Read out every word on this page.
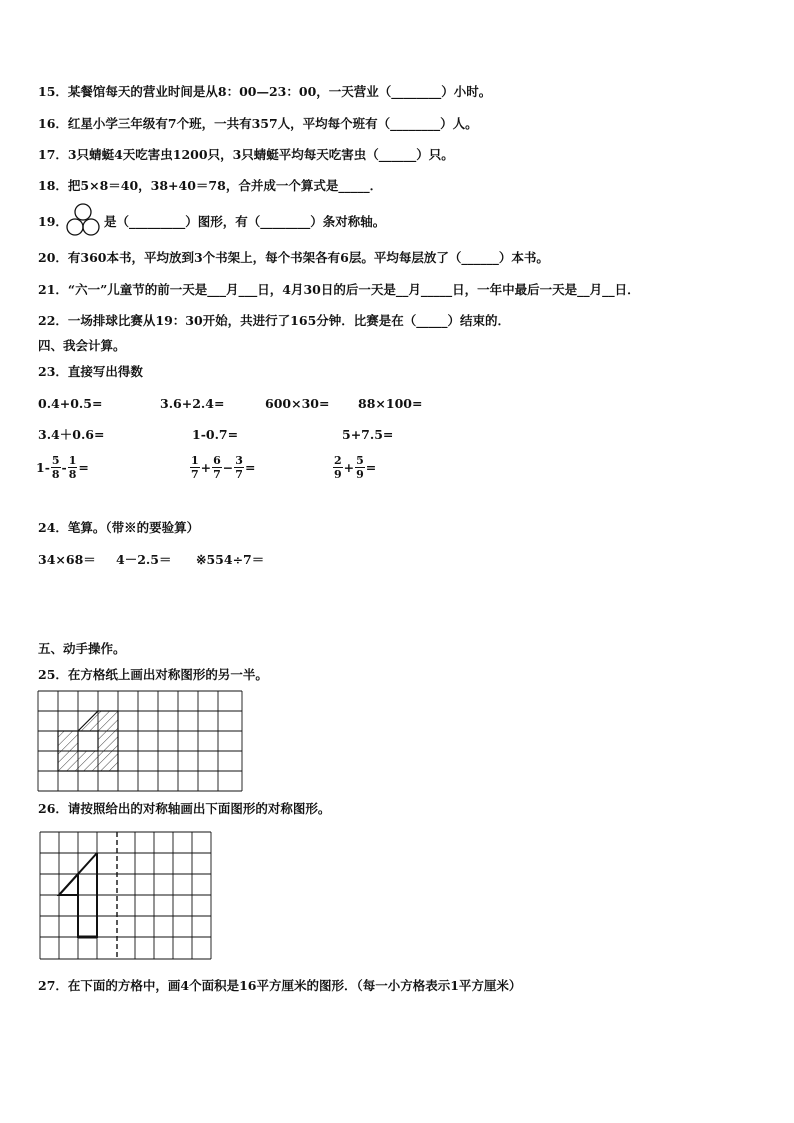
15．某餐馆每天的营业时间是从8：00—23：00，一天营业（________）小时。
16．红星小学三年级有7个班，一共有357人，平均每个班有（________）人。
17．3只蜻蜓4天吃害虫1200只，3只蜻蜓平均每天吃害虫（______）只。
18．把5×8＝40，38+40＝78，合并成一个算式是_____．
19．	是（_________）图形，有（________）条对称轴。
20．有360本书，平均放到3个书架上，每个书架各有6层。平均每层放了（______）本书。
21．“六一”儿童节的前一天是___月___日，4月30日的后一天是__月_____日，一年中最后一天是__月__日．
22．一场排球比赛从19：30开始，共进行了165分钟．比赛是在（_____）结束的．
四、我会计算。
23．直接写出得数
0.4+0.5=	3.6+2.4=	600×30= 88×100=
3.4＋0.6=	1-0.7=	5+7.5=
$1- \frac{5}{8} - \frac{1}{8}$ =	$\frac{1}{7} + \frac{6}{7} - \frac{3}{7}$ =	$\frac{2}{9} + \frac{5}{9}$ =
24．笔算。（带※的要验算）
34×68＝ 4－2.5＝ ※554÷7＝
五、动手操作。
25．在方格纸上画出对称图形的另一半。
26．请按照给出的对称轴画出下面图形的对称图形。
27．在下面的方格中，画4个面积是16平方厘米的图形．（每一小方格表示1平方厘米）
